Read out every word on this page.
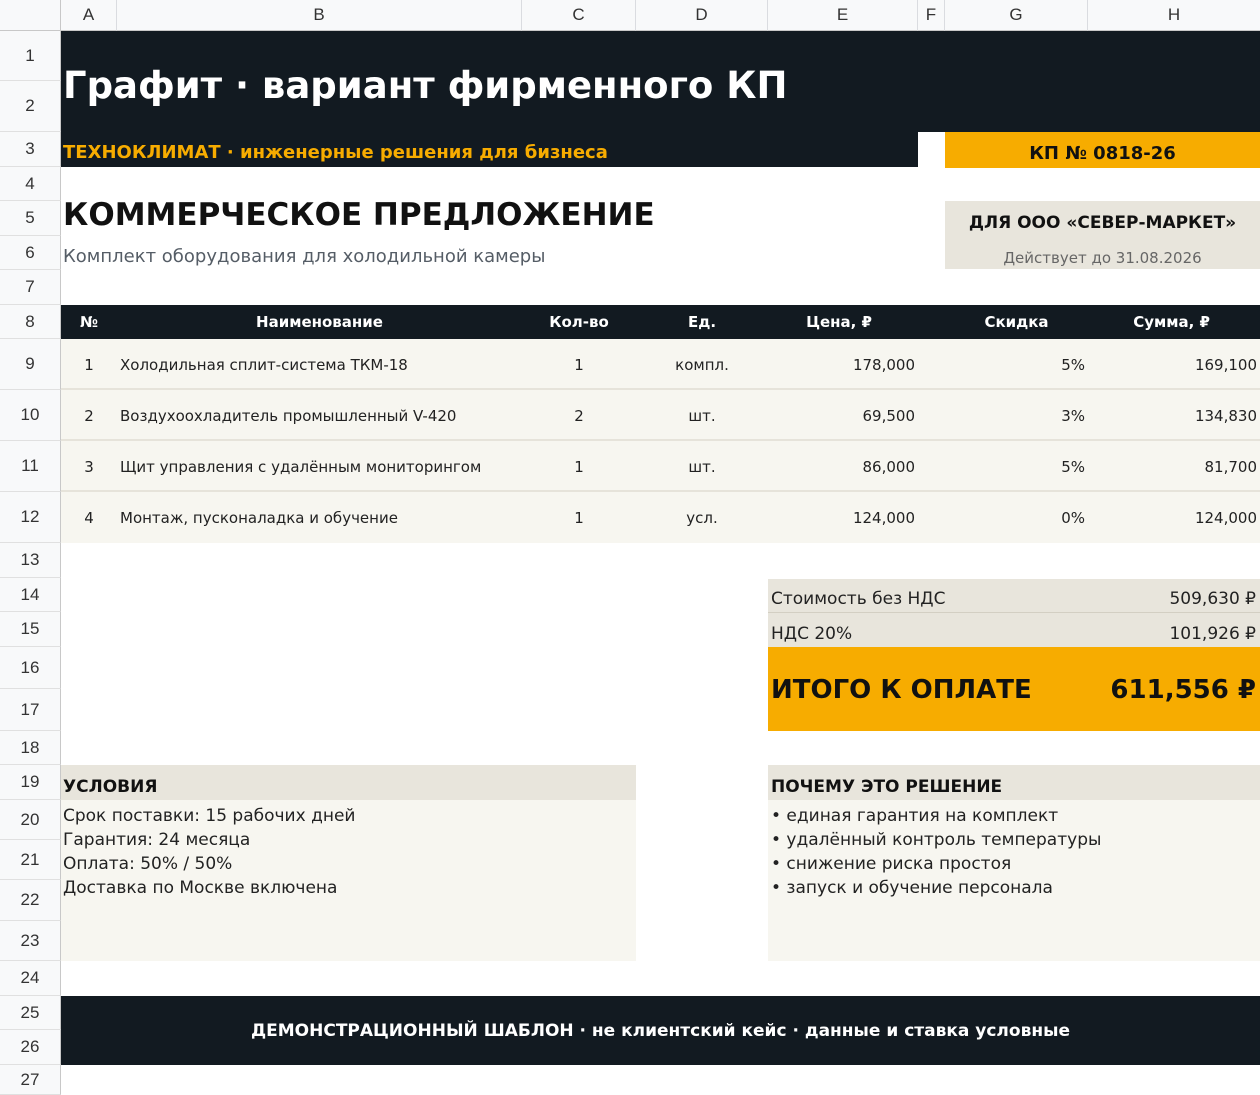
A	B	C	D	E	F	G	H
1
2
3
4
5
6
7
8
9
10
11
12
13
14
15
16
17
18
19
20
21
22
23
24
25
26
27
Графит · вариант фирменного КП
ТЕХНОКЛИМАТ · инженерные решения для бизнеса	КП № 0818-26
КОММЕРЧЕСКОЕ ПРЕДЛОЖЕНИЕ
Комплект оборудования для холодильной камеры
ДЛЯ ООО «СЕВЕР-МАРКЕТ»
Действует до 31.08.2026
№	Наименование	Кол-во	Ед.	Цена, ₽	Скидка	Сумма, ₽
1	Холодильная сплит-система ТКМ-18	1	компл.	178,000	5%	169,100
2	Воздухоохладитель промышленный V-420	2	шт.	69,500	3%	134,830
3	Щит управления с удалённым мониторингом	1	шт.	86,000	5%	81,700
4	Монтаж, пусконаладка и обучение	1	усл.	124,000	0%	124,000
Стоимость без НДС	509,630 ₽
НДС 20%	101,926 ₽
ИТОГО К ОПЛАТЕ	611,556 ₽
УСЛОВИЯ
Срок поставки: 15 рабочих дней
Гарантия: 24 месяца
Оплата: 50% / 50%
Доставка по Москве включена
ПОЧЕМУ ЭТО РЕШЕНИЕ
• единая гарантия на комплект
• удалённый контроль температуры
• снижение риска простоя
• запуск и обучение персонала
ДЕМОНСТРАЦИОННЫЙ ШАБЛОН · не клиентский кейс · данные и ставка условные
